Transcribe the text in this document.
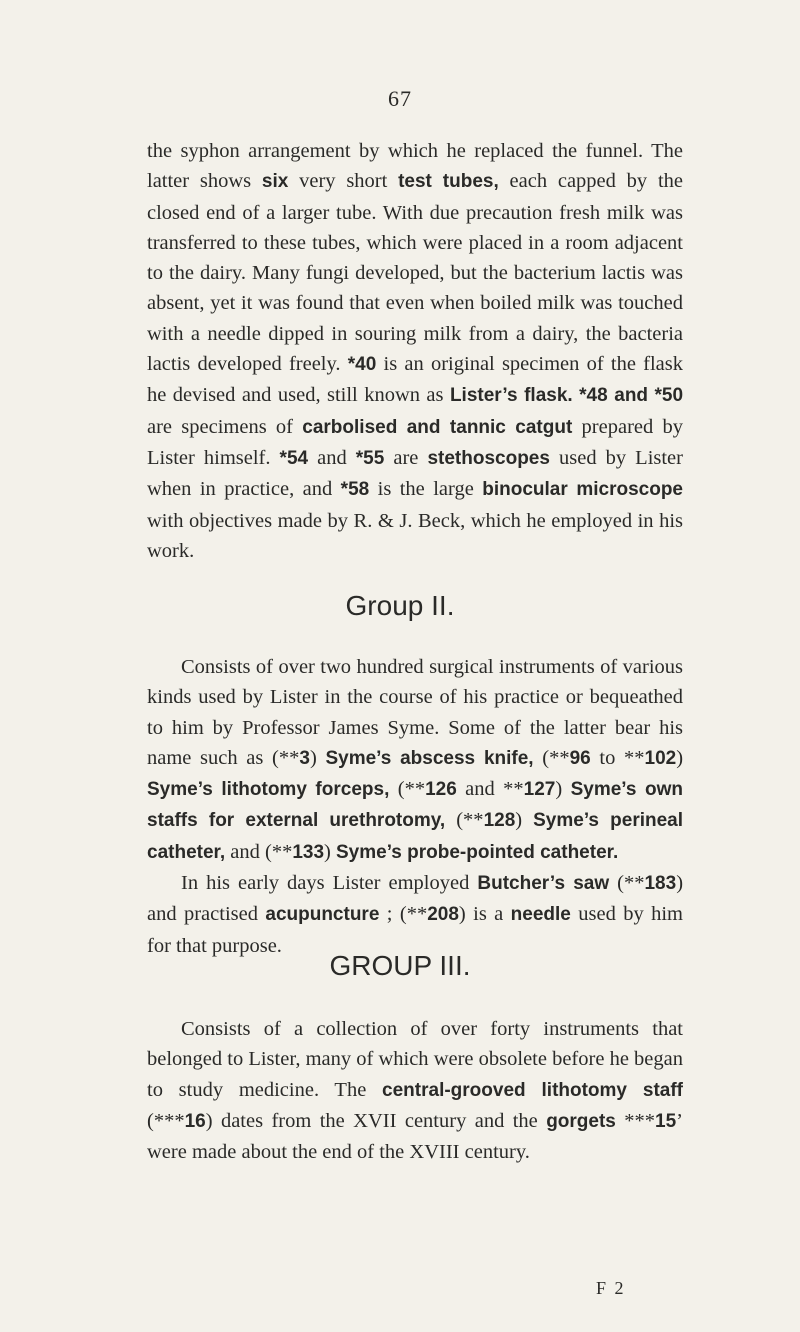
67

the syphon arrangement by which he replaced the funnel. The latter shows six very short test tubes, each capped by the closed end of a larger tube. With due precaution fresh milk was transferred to these tubes, which were placed in a room adjacent to the dairy. Many fungi developed, but the bacterium lactis was absent, yet it was found that even when boiled milk was touched with a needle dipped in souring milk from a dairy, the bacteria lactis developed freely. *40 is an original specimen of the flask he devised and used, still known as Lister’s flask. *48 and *50 are specimens of carbolised and tannic catgut prepared by Lister himself. *54 and *55 are stethoscopes used by Lister when in practice, and *58 is the large binocular microscope with objectives made by R. & J. Beck, which he employed in his work.

Group II.

Consists of over two hundred surgical instruments of various kinds used by Lister in the course of his practice or bequeathed to him by Professor James Syme. Some of the latter bear his name such as (**3) Syme’s abscess knife, (**96 to **102) Syme’s lithotomy forceps, (**126 and **127) Syme’s own staffs for external urethrotomy, (**128) Syme’s perineal catheter, and (**133) Syme’s probe-pointed catheter.

In his early days Lister employed Butcher’s saw (**183) and practised acupuncture ; (**208) is a needle used by him for that purpose.

GROUP III.

Consists of a collection of over forty instruments that belonged to Lister, many of which were obsolete before he began to study medicine. The central-grooved lithotomy staff (***16) dates from the XVII century and the gorgets ***15’ were made about the end of the XVIII century.

F 2
